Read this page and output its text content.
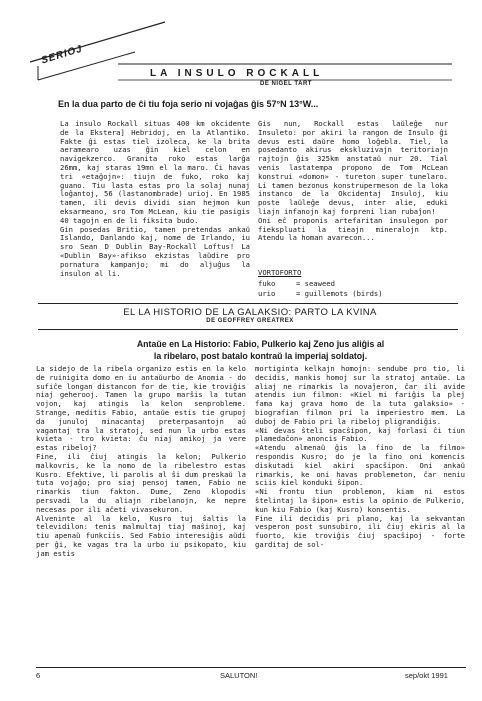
SERIOJ
LA INSULO ROCKALL
DE NIGEL TART
En la dua parto de ĉi tiu foja serio ni vojaĝas ĝis 57°N 13°W...
La insulo Rockall situas 400 km okcidente de la Ekstera] Hebridoj, en la Atlantiko. Fakte ĝi estas tiel izoleca, ke la brita aeramearo uzas ĝin kiel celon en navigekzerco. Granita roko estas larĝa 26mm, kaj staras 19mn el la maro. Ĉi havas tri «etaĝojn»: tiujn de fuko, roko kaj guano. Tiu lasta estas pro la solaj nunaj loĝantoj, 56 (lastanombrade) urioj. En 1985 tamen, ili devis dividi sian hejmon kun eksarmeano, sro Tom McLean, kiu tie pasigis 40 tagojn en de li fiksita budo.
Gin posedas Britio, tamen pretendas ankaŭ Islando, Danlando kaj, nome de Irlando, iu sro Sean D Dublin Bay-Rockall Loftus! La «Dublin Bay»-afikso ekzistas laŭdire pro pornatura kampanjo; mi do aljuĝus la insulon al li.
Ĝis nun, Rockall estas laŭleĝe nur Insuleto: por akiri la rangon de Insulo ĝi devus esti daŭre homo loĝebla. Tiel, la posedanto akirus ekskluzivajn teritoriajn rajtojn ĝis 325km anstataŭ nur 20. Tial venis lastatempa propono de Tom McLean konstrui «domon» - tureton super tunelaro. Li tamen bezonus konstrupermeson de la loka instanco de la Okcidentaj Insuloj, kiu poste laŭleĝe devus, inter alie, eduki liajn infanojn kaj forpreni lian rubaĵon!
Oni eĉ proponis artefaritan insulegon por fiekspluati la tieajn mineralojn ktp. Atendu la homan avarecon...
VORTOFORTO
fuko	= seaweed
urio	= guillemots (birds)
EL LA HISTORIO DE LA GALAKSIO: PARTO LA KVINA
DE GEOFFREY GREATREX
Antaŭe en La Historio: Fabio, Pulkerio kaj Zeno ĵus aliĝis al
la ribelaro, post batalo kontraŭ la imperiaj soldatoj.
La sidejo de la ribela organizo estis en la kelo de ruinigita domo en iu antaŭurbo de Anomia - do sufiĉe longan distancon for de tie, kie troviĝis niaj geherooj. Tamen la grupo marŝis la tutan vojon, kaj atingis la kelon senprobleme. Strange, meditis Fabio, antaŭe estis tie grupoj da junuloj minacantaj preterpasantojn aŭ vagantaj tra la stratoj, sed nun la urbo estas kvieta - tro kvieta: ĉu niaj amikoj ja vere estas ribeloj?
Fine, ili ĉiuj atingis la kelon; Pulkerio malkovris, ke la nomo de la ribelestro estas Kusro. Efektive, li parolis al ŝi dum preskaŭ la tuta vojaĝo; pro siaj pensoj tamen, Fabio ne rimarkis tiun fakton. Dume, Zeno klopodis persvadi la du aliajn ribelanojn, ke nepre necesas por ili aĉeti vivasekuron.
Alveninte al la kelo, Kusro tuj ŝaltis la televidilon: tenis malmultaj tiaj maŝinoj, kaj tiu apenaŭ funkciis. Sed Fabio interesiĝis aŭdi per ĝi, ke vagas tra la urbo iu psikopato, kiu jam estis
mortiginta kelkajn homojn: sendube pro tio, li decidis, mankis homoj sur la stratoj antaŭe. La aliaj ne rimarkis la novaĵeron, ĉar ili avide atendis iun filmon: «Kiel mi fariĝis la plej fama kaj grava homo de la tuta galaksio» - biografian filmon pri la imperiestro mem. La duboj de Fabio pri la ribeloj pligrandiĝis.
«Ni devas ŝteli spacŝipon, kaj forlasi ĉi tiun plamedaĉon» anoncis Fabio.
«Atendu almenaŭ ĝis la fino de la filmo» respondis Kusro; do je la fino oni komencis diskutadi kiel akiri spacŝipon. Oni ankaŭ rimarkis, ke oni havas problemeton, ĉar neniu sciis kiel konduki ŝipon.
«Ni frontu tiun problemon, kiam ni estos ŝtelintaj la ŝipon» estis la opinio de Pulkerio, kun kiu Fabio (kaj Kusro) konsentis.
Fine ili decidis pri plano, kaj la sekvantan vesperon post sunsubiro, ili ĉiuj ekiris al la fuorto, kie troviĝis ĉiuj spacŝipoj - forte garditaj de sol-
6	SALUTON!	sep/okt 1991
